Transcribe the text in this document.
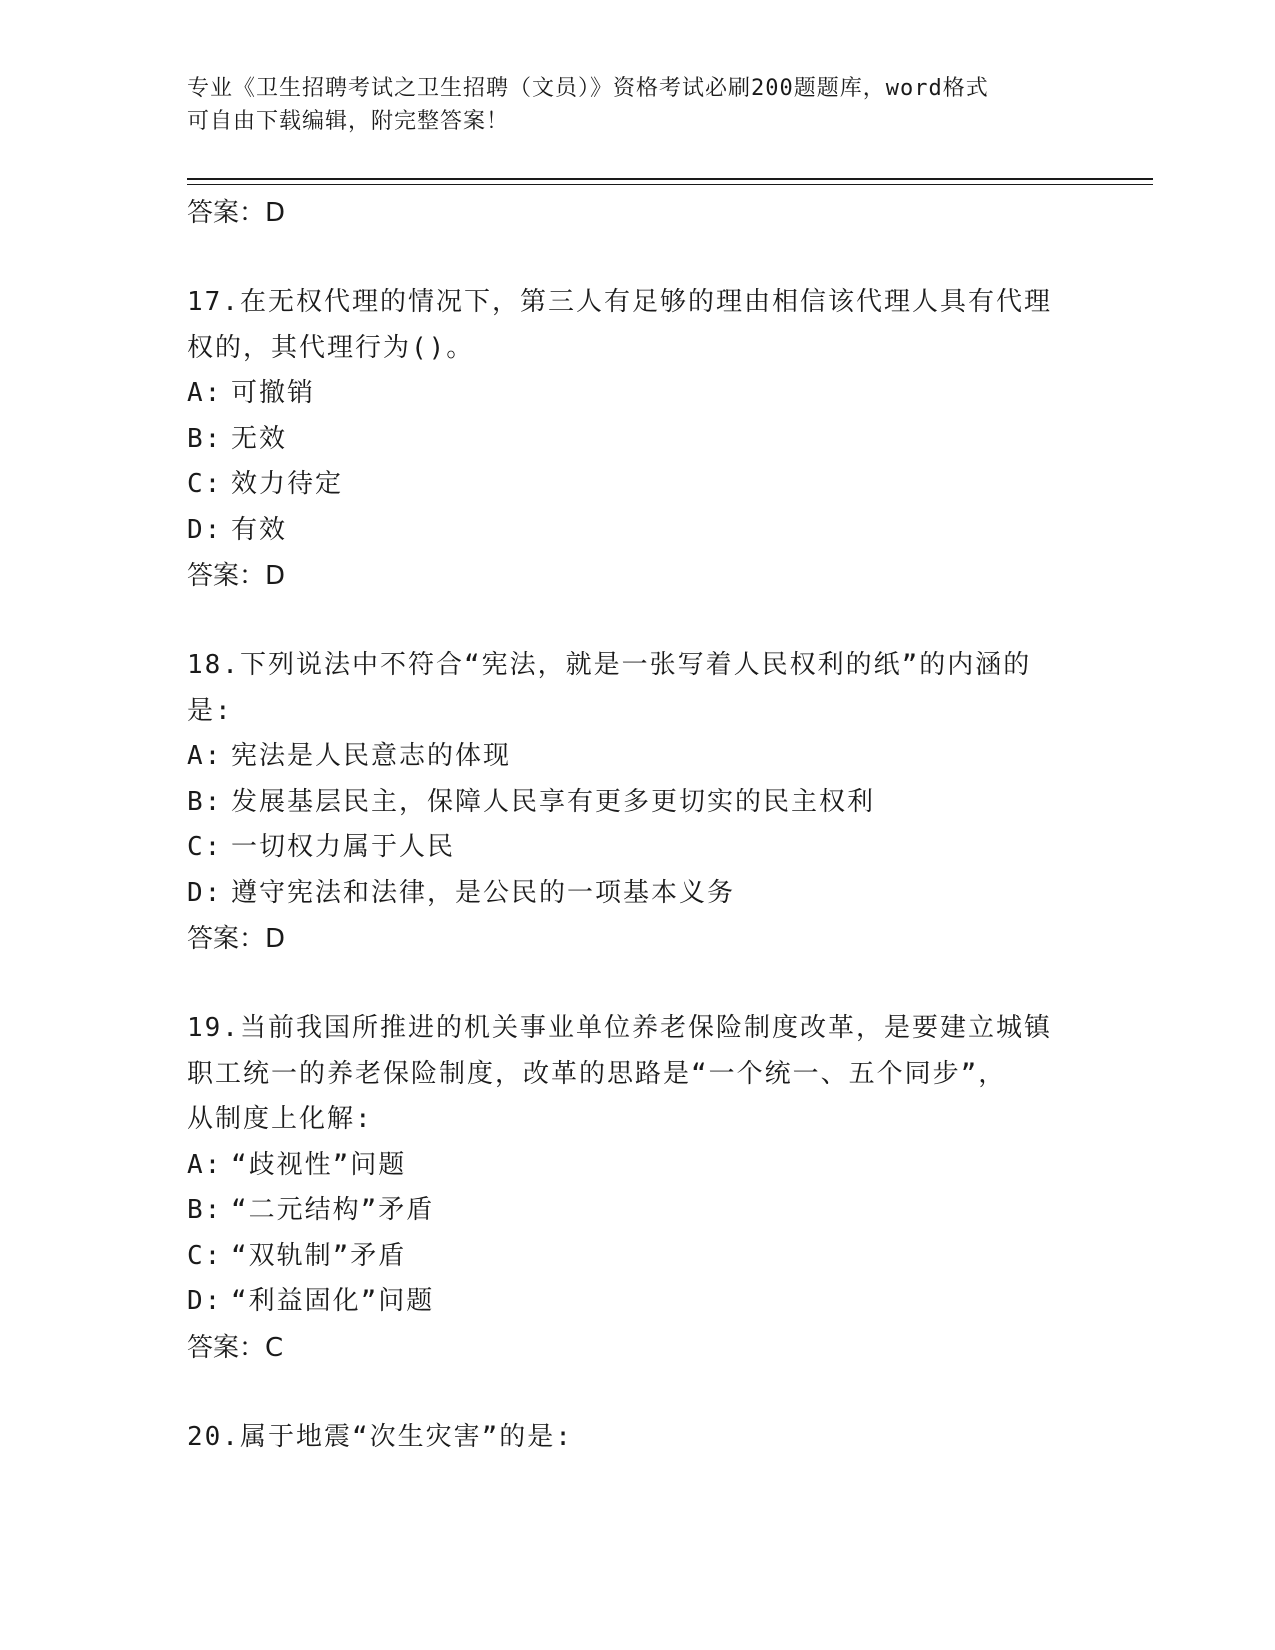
专业《卫生招聘考试之卫生招聘（文员）》资格考试必刷200题题库，word格式
可自由下载编辑，附完整答案！
答案：D
17.在无权代理的情况下，第三人有足够的理由相信该代理人具有代理
权的，其代理行为()。
A: 可撤销
B: 无效
C: 效力待定
D: 有效
答案：D
18.下列说法中不符合“宪法，就是一张写着人民权利的纸”的内涵的
是:
A: 宪法是人民意志的体现
B: 发展基层民主，保障人民享有更多更切实的民主权利
C: 一切权力属于人民
D: 遵守宪法和法律，是公民的一项基本义务
答案：D
19.当前我国所推进的机关事业单位养老保险制度改革，是要建立城镇
职工统一的养老保险制度，改革的思路是“一个统一、五个同步”，
从制度上化解:
A: “歧视性”问题
B: “二元结构”矛盾
C: “双轨制”矛盾
D: “利益固化”问题
答案：C
20.属于地震“次生灾害”的是:
